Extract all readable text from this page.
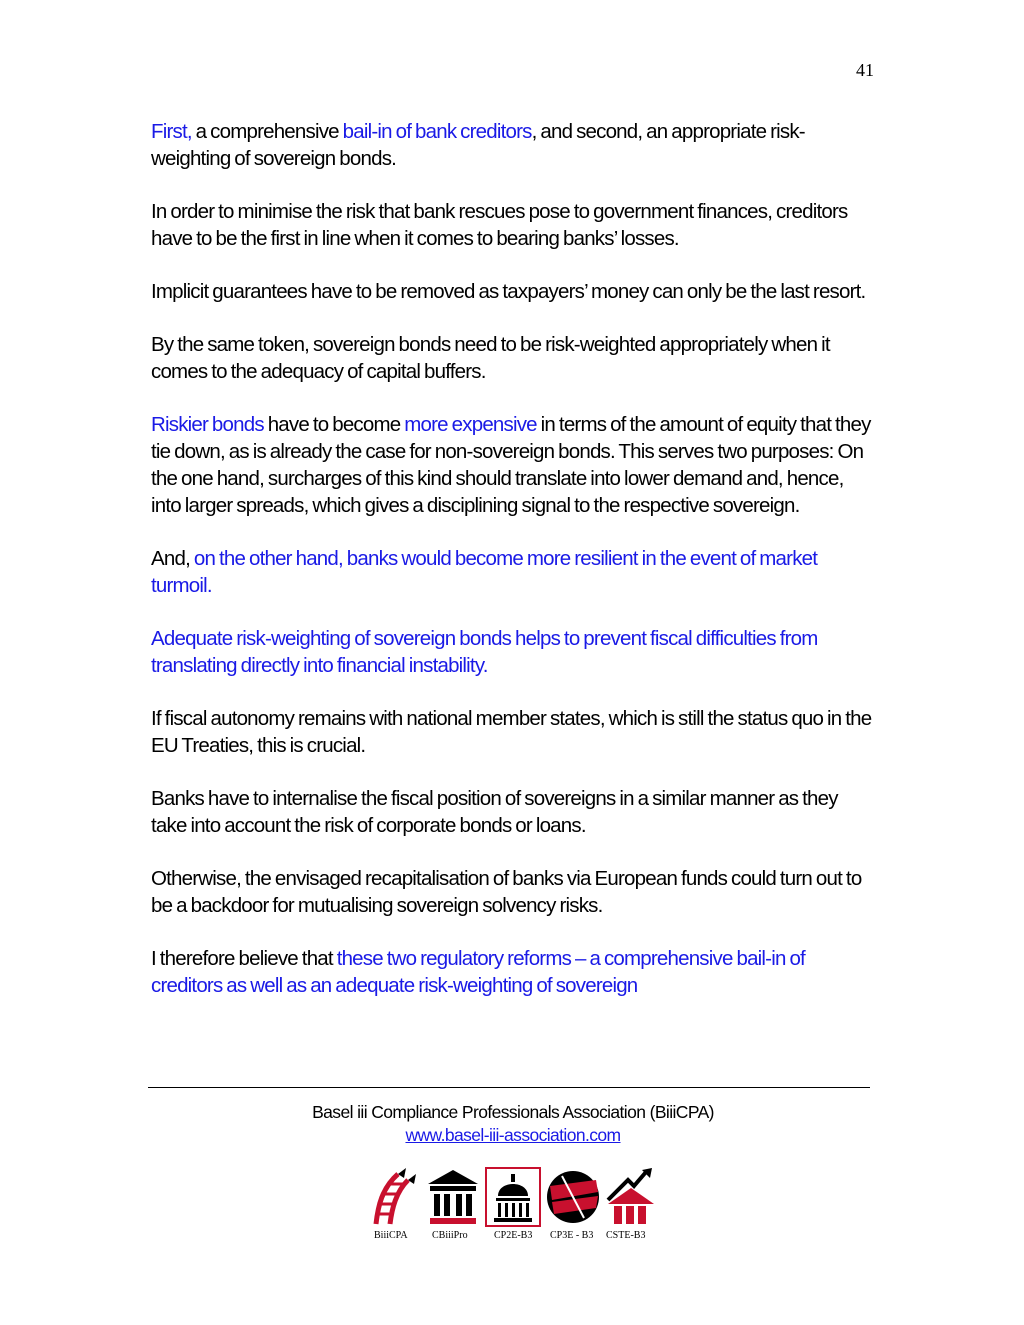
41

First, a comprehensive bail-in of bank creditors, and second, an appropriate risk-weighting of sovereign bonds.

In order to minimise the risk that bank rescues pose to government finances, creditors have to be the first in line when it comes to bearing banks’ losses.

Implicit guarantees have to be removed as taxpayers’ money can only be the last resort.

By the same token, sovereign bonds need to be risk-weighted appropriately when it comes to the adequacy of capital buffers.

Riskier bonds have to become more expensive in terms of the amount of equity that they tie down, as is already the case for non-sovereign bonds. This serves two purposes: On the one hand, surcharges of this kind should translate into lower demand and, hence, into larger spreads, which gives a disciplining signal to the respective sovereign.

And, on the other hand, banks would become more resilient in the event of market turmoil.

Adequate risk-weighting of sovereign bonds helps to prevent fiscal difficulties from translating directly into financial instability.

If fiscal autonomy remains with national member states, which is still the status quo in the EU Treaties, this is crucial.

Banks have to internalise the fiscal position of sovereigns in a similar manner as they take into account the risk of corporate bonds or loans.

Otherwise, the envisaged recapitalisation of banks via European funds could turn out to be a backdoor for mutualising sovereign solvency risks.

I therefore believe that these two regulatory reforms – a comprehensive bail-in of creditors as well as an adequate risk-weighting of sovereign

Basel iii Compliance Professionals Association (BiiiCPA)
www.basel-iii-association.com
BiiiCPA CBiiiPro	CP2E-B3 CP3E - B3 CSTE-B3
